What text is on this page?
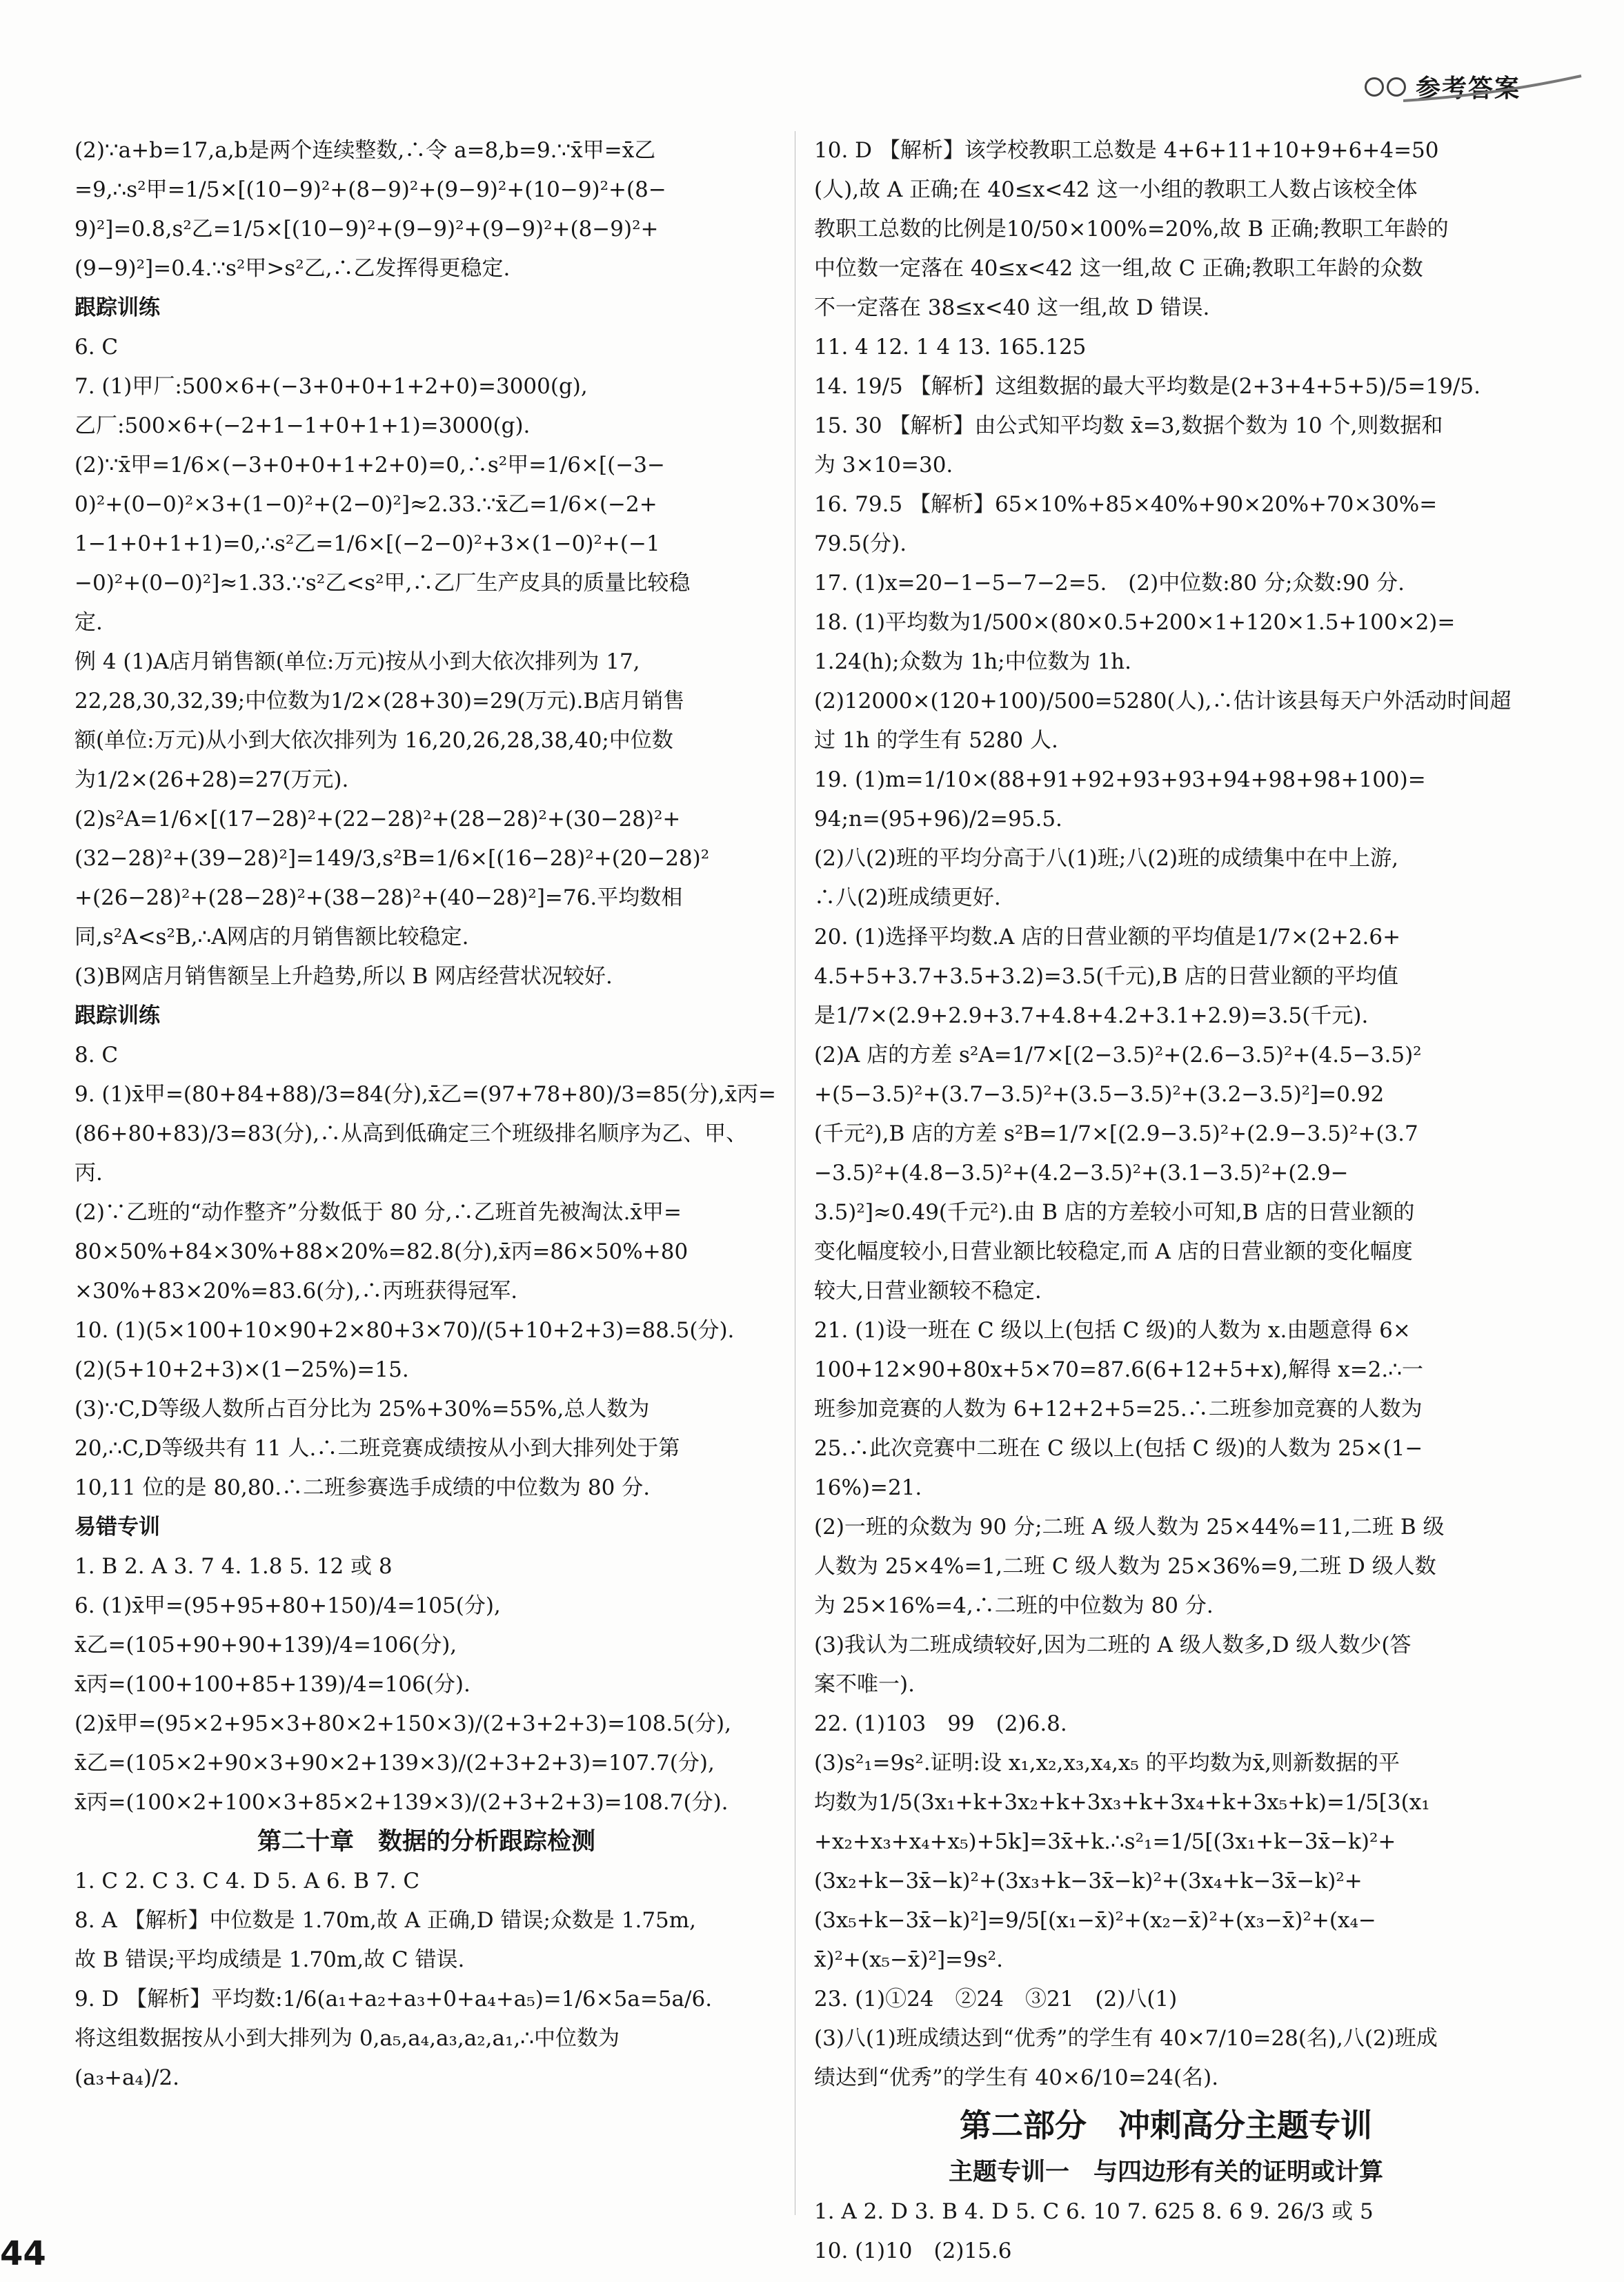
参考答案
(2)∵a+b=17,a,b是两个连续整数,∴令 a=8,b=9.∵x̄甲=x̄乙
=9,∴s²甲=1/5×[(10−9)²+(8−9)²+(9−9)²+(10−9)²+(8−
9)²]=0.8,s²乙=1/5×[(10−9)²+(9−9)²+(9−9)²+(8−9)²+
(9−9)²]=0.4.∵s²甲>s²乙,∴乙发挥得更稳定.
跟踪训练
6. C
7. (1)甲厂:500×6+(−3+0+0+1+2+0)=3000(g),
乙厂:500×6+(−2+1−1+0+1+1)=3000(g).
(2)∵x̄甲=1/6×(−3+0+0+1+2+0)=0,∴s²甲=1/6×[(−3−
0)²+(0−0)²×3+(1−0)²+(2−0)²]≈2.33.∵x̄乙=1/6×(−2+
1−1+0+1+1)=0,∴s²乙=1/6×[(−2−0)²+3×(1−0)²+(−1
−0)²+(0−0)²]≈1.33.∵s²乙<s²甲,∴乙厂生产皮具的质量比较稳
定.
例 4 (1)A店月销售额(单位:万元)按从小到大依次排列为 17,
22,28,30,32,39;中位数为1/2×(28+30)=29(万元).B店月销售
额(单位:万元)从小到大依次排列为 16,20,26,28,38,40;中位数
为1/2×(26+28)=27(万元).
(2)s²A=1/6×[(17−28)²+(22−28)²+(28−28)²+(30−28)²+
(32−28)²+(39−28)²]=149/3,s²B=1/6×[(16−28)²+(20−28)²
+(26−28)²+(28−28)²+(38−28)²+(40−28)²]=76.平均数相
同,s²A<s²B,∴A网店的月销售额比较稳定.
(3)B网店月销售额呈上升趋势,所以 B 网店经营状况较好.
跟踪训练
8. C
9. (1)x̄甲=(80+84+88)/3=84(分),x̄乙=(97+78+80)/3=85(分),x̄丙=
(86+80+83)/3=83(分),∴从高到低确定三个班级排名顺序为乙、甲、
丙.
(2)∵乙班的“动作整齐”分数低于 80 分,∴乙班首先被淘汰.x̄甲=
80×50%+84×30%+88×20%=82.8(分),x̄丙=86×50%+80
×30%+83×20%=83.6(分),∴丙班获得冠军.
10. (1)(5×100+10×90+2×80+3×70)/(5+10+2+3)=88.5(分).
(2)(5+10+2+3)×(1−25%)=15.
(3)∵C,D等级人数所占百分比为 25%+30%=55%,总人数为
20,∴C,D等级共有 11 人.∴二班竞赛成绩按从小到大排列处于第
10,11 位的是 80,80.∴二班参赛选手成绩的中位数为 80 分.
易错专训
1. B 2. A 3. 7 4. 1.8 5. 12 或 8
6. (1)x̄甲=(95+95+80+150)/4=105(分),
x̄乙=(105+90+90+139)/4=106(分),
x̄丙=(100+100+85+139)/4=106(分).
(2)x̄甲=(95×2+95×3+80×2+150×3)/(2+3+2+3)=108.5(分),
x̄乙=(105×2+90×3+90×2+139×3)/(2+3+2+3)=107.7(分),
x̄丙=(100×2+100×3+85×2+139×3)/(2+3+2+3)=108.7(分).
第二十章　数据的分析跟踪检测
1. C 2. C 3. C 4. D 5. A 6. B 7. C
8. A 【解析】中位数是 1.70m,故 A 正确,D 错误;众数是 1.75m,
故 B 错误;平均成绩是 1.70m,故 C 错误.
9. D 【解析】平均数:1/6(a₁+a₂+a₃+0+a₄+a₅)=1/6×5a=5a/6.
将这组数据按从小到大排列为 0,a₅,a₄,a₃,a₂,a₁,∴中位数为
(a₃+a₄)/2.
10. D 【解析】该学校教职工总数是 4+6+11+10+9+6+4=50
(人),故 A 正确;在 40≤x<42 这一小组的教职工人数占该校全体
教职工总数的比例是10/50×100%=20%,故 B 正确;教职工年龄的
中位数一定落在 40≤x<42 这一组,故 C 正确;教职工年龄的众数
不一定落在 38≤x<40 这一组,故 D 错误.
11. 4 12. 1 4 13. 165.125
14. 19/5 【解析】这组数据的最大平均数是(2+3+4+5+5)/5=19/5.
15. 30 【解析】由公式知平均数 x̄=3,数据个数为 10 个,则数据和
为 3×10=30.
16. 79.5 【解析】65×10%+85×40%+90×20%+70×30%=
79.5(分).
17. (1)x=20−1−5−7−2=5.　(2)中位数:80 分;众数:90 分.
18. (1)平均数为1/500×(80×0.5+200×1+120×1.5+100×2)=
1.24(h);众数为 1h;中位数为 1h.
(2)12000×(120+100)/500=5280(人),∴估计该县每天户外活动时间超
过 1h 的学生有 5280 人.
19. (1)m=1/10×(88+91+92+93+93+94+98+98+100)=
94;n=(95+96)/2=95.5.
(2)八(2)班的平均分高于八(1)班;八(2)班的成绩集中在中上游,
∴八(2)班成绩更好.
20. (1)选择平均数.A 店的日营业额的平均值是1/7×(2+2.6+
4.5+5+3.7+3.5+3.2)=3.5(千元),B 店的日营业额的平均值
是1/7×(2.9+2.9+3.7+4.8+4.2+3.1+2.9)=3.5(千元).
(2)A 店的方差 s²A=1/7×[(2−3.5)²+(2.6−3.5)²+(4.5−3.5)²
+(5−3.5)²+(3.7−3.5)²+(3.5−3.5)²+(3.2−3.5)²]=0.92
(千元²),B 店的方差 s²B=1/7×[(2.9−3.5)²+(2.9−3.5)²+(3.7
−3.5)²+(4.8−3.5)²+(4.2−3.5)²+(3.1−3.5)²+(2.9−
3.5)²]≈0.49(千元²).由 B 店的方差较小可知,B 店的日营业额的
变化幅度较小,日营业额比较稳定,而 A 店的日营业额的变化幅度
较大,日营业额较不稳定.
21. (1)设一班在 C 级以上(包括 C 级)的人数为 x.由题意得 6×
100+12×90+80x+5×70=87.6(6+12+5+x),解得 x=2.∴一
班参加竞赛的人数为 6+12+2+5=25.∴二班参加竞赛的人数为
25.∴此次竞赛中二班在 C 级以上(包括 C 级)的人数为 25×(1−
16%)=21.
(2)一班的众数为 90 分;二班 A 级人数为 25×44%=11,二班 B 级
人数为 25×4%=1,二班 C 级人数为 25×36%=9,二班 D 级人数
为 25×16%=4,∴二班的中位数为 80 分.
(3)我认为二班成绩较好,因为二班的 A 级人数多,D 级人数少(答
案不唯一).
22. (1)103　99　(2)6.8.
(3)s²₁=9s².证明:设 x₁,x₂,x₃,x₄,x₅ 的平均数为x̄,则新数据的平
均数为1/5(3x₁+k+3x₂+k+3x₃+k+3x₄+k+3x₅+k)=1/5[3(x₁
+x₂+x₃+x₄+x₅)+5k]=3x̄+k.∴s²₁=1/5[(3x₁+k−3x̄−k)²+
(3x₂+k−3x̄−k)²+(3x₃+k−3x̄−k)²+(3x₄+k−3x̄−k)²+
(3x₅+k−3x̄−k)²]=9/5[(x₁−x̄)²+(x₂−x̄)²+(x₃−x̄)²+(x₄−
x̄)²+(x₅−x̄)²]=9s².
23. (1)①24　②24　③21　(2)八(1)
(3)八(1)班成绩达到“优秀”的学生有 40×7/10=28(名),八(2)班成
绩达到“优秀”的学生有 40×6/10=24(名).
第二部分　冲刺高分主题专训
主题专训一　与四边形有关的证明或计算
1. A 2. D 3. B 4. D 5. C 6. 10 7. 625 8. 6 9. 26/3 或 5
10. (1)10　(2)15.6
44
